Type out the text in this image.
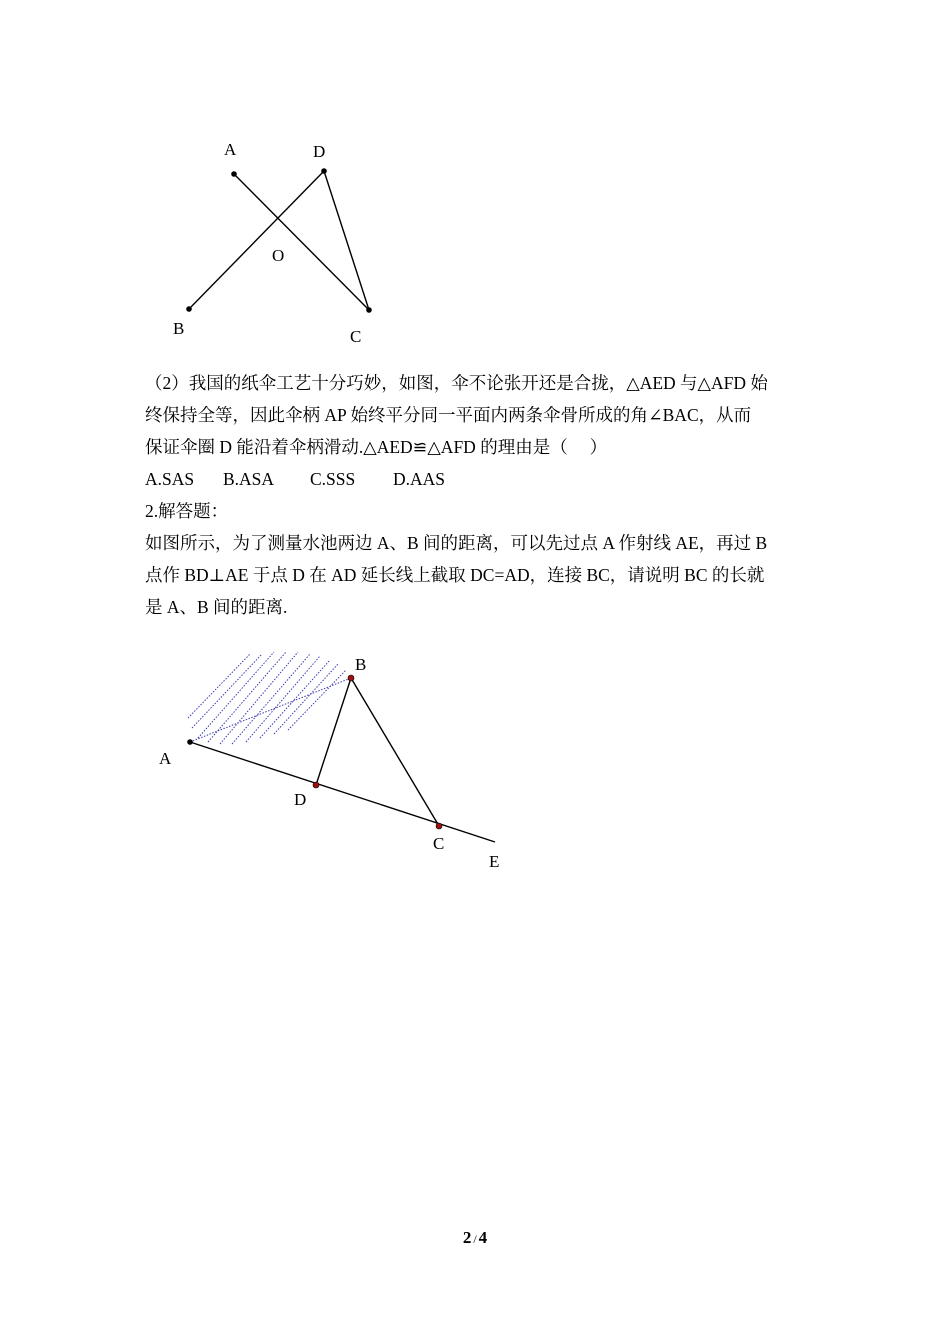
A	D
O
B	C

（2）我国的纸伞工艺十分巧妙，如图，伞不论张开还是合拢，△AED 与△AFD 始

终保持全等，因此伞柄 AP 始终平分同一平面内两条伞骨所成的角∠BAC，从而

保证伞圈 D 能沿着伞柄滑动.△AED≌△AFD 的理由是（　 ）

A.SAS B.ASA C.SSS D.AAS

2.解答题：

如图所示，为了测量水池两边 A、B 间的距离，可以先过点 A 作射线 AE，再过 B

点作 BD⊥AE 于点 D 在 AD 延长线上截取 DC=AD，连接 BC，请说明 BC 的长就

是 A、B 间的距离.

A
B
D
C
E
2 / 4
